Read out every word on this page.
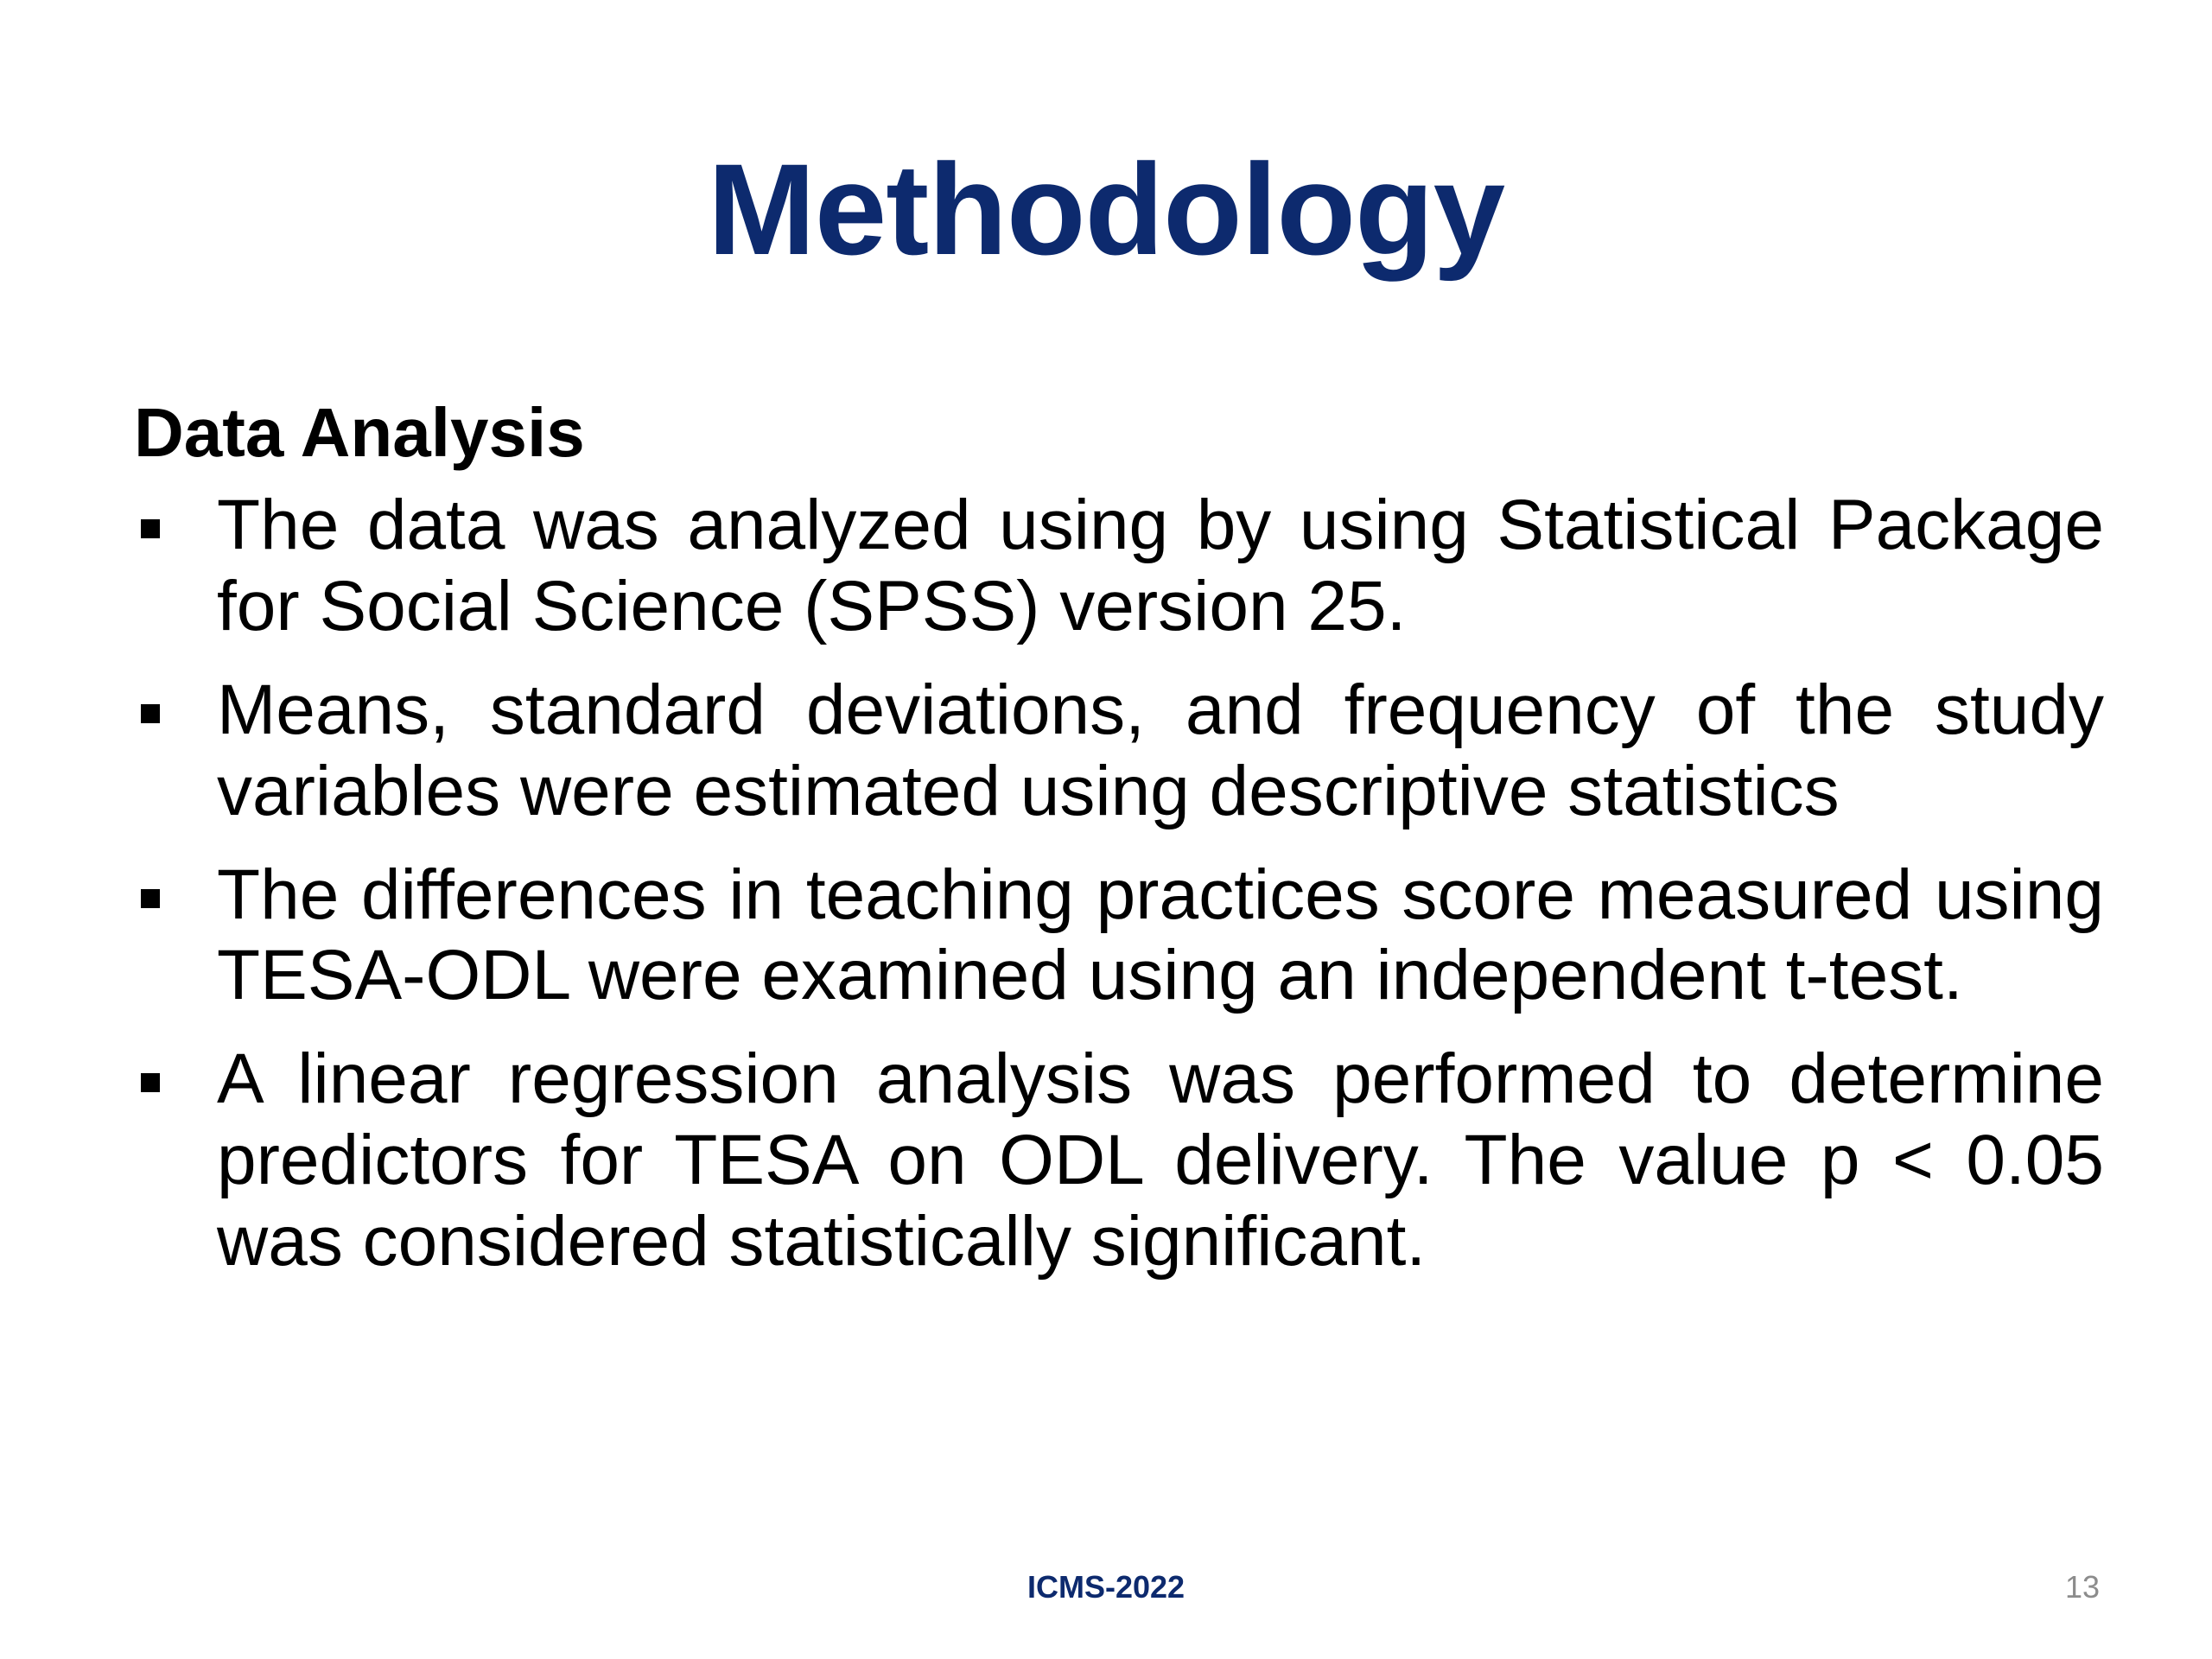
Methodology
Data Analysis
The data was analyzed using by using Statistical Package for Social Science (SPSS) version 25.
Means, standard deviations, and frequency of the study variables were estimated using descriptive statistics
The differences in teaching practices score measured using TESA-ODL were examined using an independent t-test.
A linear regression analysis was performed to determine predictors for TESA on ODL delivery. The value p < 0.05 was considered statistically significant.
ICMS-2022	13
